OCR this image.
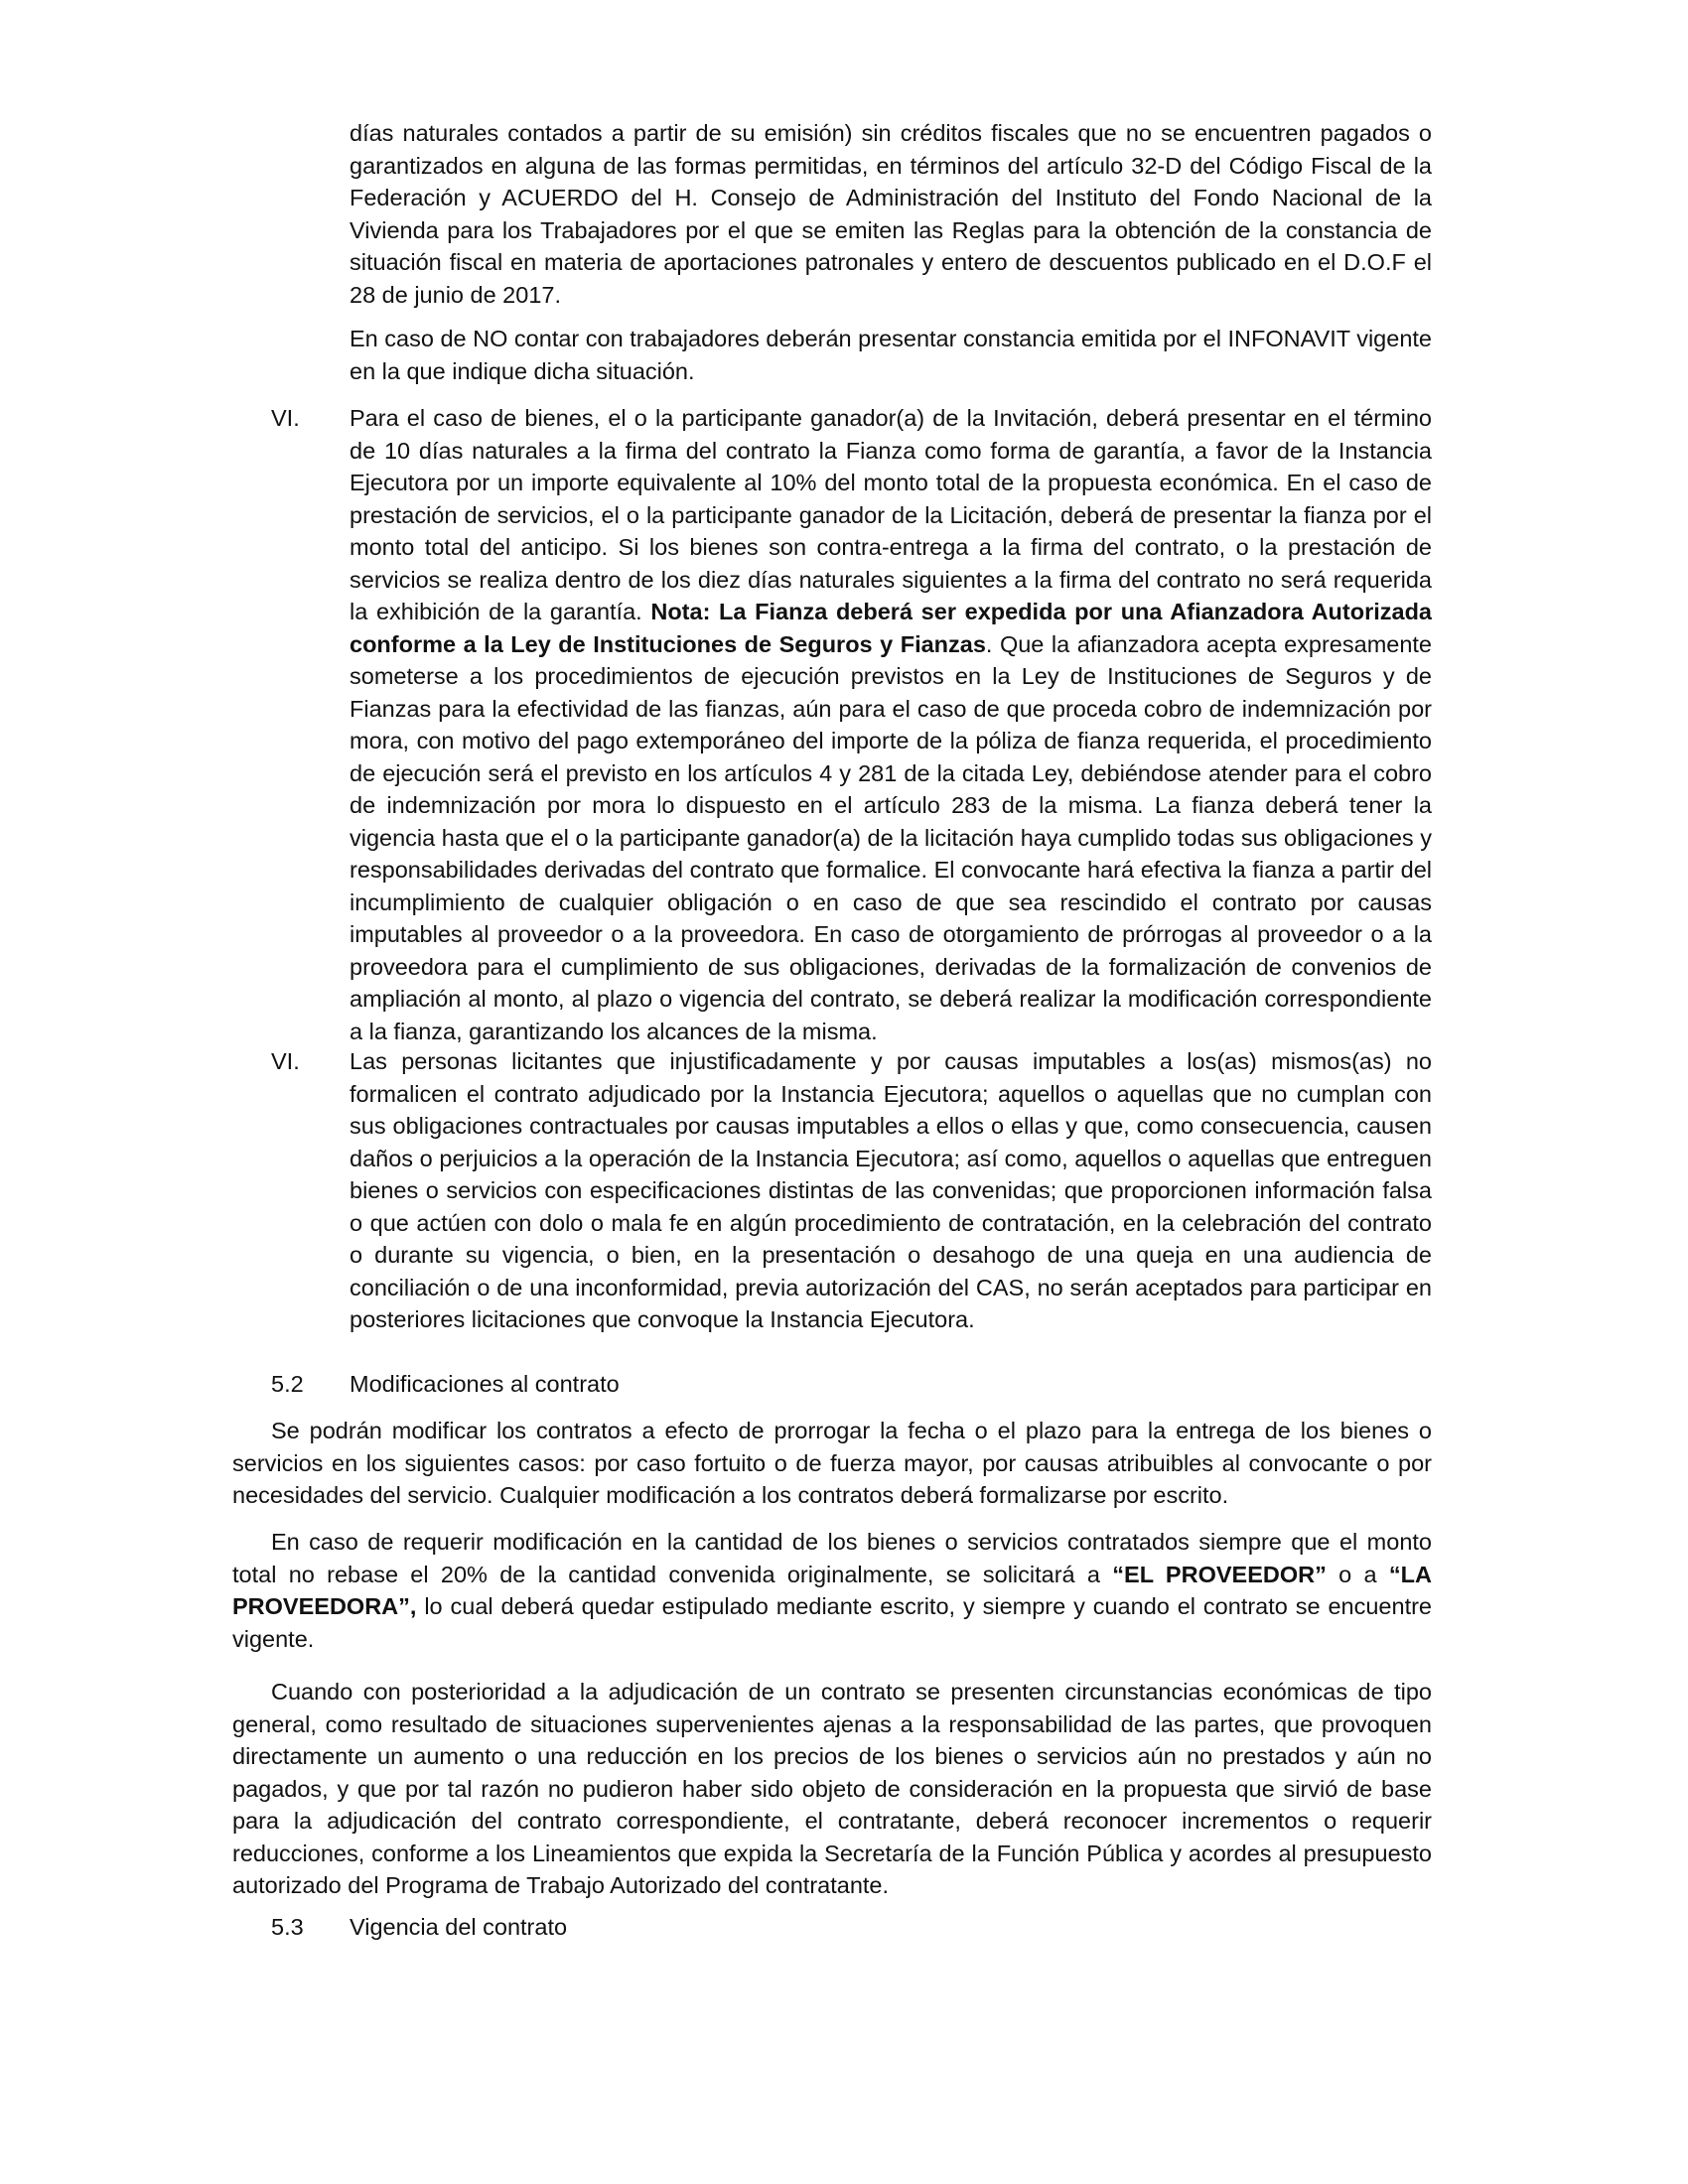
días naturales contados a partir de su emisión) sin créditos fiscales que no se encuentren pagados o garantizados en alguna de las formas permitidas, en términos del artículo 32-D del Código Fiscal de la Federación y ACUERDO del H. Consejo de Administración del Instituto del Fondo Nacional de la Vivienda para los Trabajadores por el que se emiten las Reglas para la obtención de la constancia de situación fiscal en materia de aportaciones patronales y entero de descuentos publicado en el D.O.F el 28 de junio de 2017.

En caso de NO contar con trabajadores deberán presentar constancia emitida por el INFONAVIT vigente en la que indique dicha situación.

VI. Para el caso de bienes, el o la participante ganador(a) de la Invitación, deberá presentar en el término de 10 días naturales a la firma del contrato la Fianza como forma de garantía, a favor de la Instancia Ejecutora por un importe equivalente al 10% del monto total de la propuesta económica. En el caso de prestación de servicios, el o la participante ganador de la Licitación, deberá de presentar la fianza por el monto total del anticipo. Si los bienes son contra-entrega a la firma del contrato, o la prestación de servicios se realiza dentro de los diez días naturales siguientes a la firma del contrato no será requerida la exhibición de la garantía. Nota: La Fianza deberá ser expedida por una Afianzadora Autorizada conforme a la Ley de Instituciones de Seguros y Fianzas. Que la afianzadora acepta expresamente someterse a los procedimientos de ejecución previstos en la Ley de Instituciones de Seguros y de Fianzas para la efectividad de las fianzas, aún para el caso de que proceda cobro de indemnización por mora, con motivo del pago extemporáneo del importe de la póliza de fianza requerida, el procedimiento de ejecución será el previsto en los artículos 4 y 281 de la citada Ley, debiéndose atender para el cobro de indemnización por mora lo dispuesto en el artículo 283 de la misma. La fianza deberá tener la vigencia hasta que el o la participante ganador(a) de la licitación haya cumplido todas sus obligaciones y responsabilidades derivadas del contrato que formalice. El convocante hará efectiva la fianza a partir del incumplimiento de cualquier obligación o en caso de que sea rescindido el contrato por causas imputables al proveedor o a la proveedora. En caso de otorgamiento de prórrogas al proveedor o a la proveedora para el cumplimiento de sus obligaciones, derivadas de la formalización de convenios de ampliación al monto, al plazo o vigencia del contrato, se deberá realizar la modificación correspondiente a la fianza, garantizando los alcances de la misma.

VI. Las personas licitantes que injustificadamente y por causas imputables a los(as) mismos(as) no formalicen el contrato adjudicado por la Instancia Ejecutora; aquellos o aquellas que no cumplan con sus obligaciones contractuales por causas imputables a ellos o ellas y que, como consecuencia, causen daños o perjuicios a la operación de la Instancia Ejecutora; así como, aquellos o aquellas que entreguen bienes o servicios con especificaciones distintas de las convenidas; que proporcionen información falsa o que actúen con dolo o mala fe en algún procedimiento de contratación, en la celebración del contrato o durante su vigencia, o bien, en la presentación o desahogo de una queja en una audiencia de conciliación o de una inconformidad, previa autorización del CAS, no serán aceptados para participar en posteriores licitaciones que convoque la Instancia Ejecutora.

5.2 Modificaciones al contrato

Se podrán modificar los contratos a efecto de prorrogar la fecha o el plazo para la entrega de los bienes o servicios en los siguientes casos: por caso fortuito o de fuerza mayor, por causas atribuibles al convocante o por necesidades del servicio. Cualquier modificación a los contratos deberá formalizarse por escrito.

En caso de requerir modificación en la cantidad de los bienes o servicios contratados siempre que el monto total no rebase el 20% de la cantidad convenida originalmente, se solicitará a “EL PROVEEDOR” o a “LA PROVEEDORA”, lo cual deberá quedar estipulado mediante escrito, y siempre y cuando el contrato se encuentre vigente.

Cuando con posterioridad a la adjudicación de un contrato se presenten circunstancias económicas de tipo general, como resultado de situaciones supervenientes ajenas a la responsabilidad de las partes, que provoquen directamente un aumento o una reducción en los precios de los bienes o servicios aún no prestados y aún no pagados, y que por tal razón no pudieron haber sido objeto de consideración en la propuesta que sirvió de base para la adjudicación del contrato correspondiente, el contratante, deberá reconocer incrementos o requerir reducciones, conforme a los Lineamientos que expida la Secretaría de la Función Pública y acordes al presupuesto autorizado del Programa de Trabajo Autorizado del contratante.

5.3 Vigencia del contrato
